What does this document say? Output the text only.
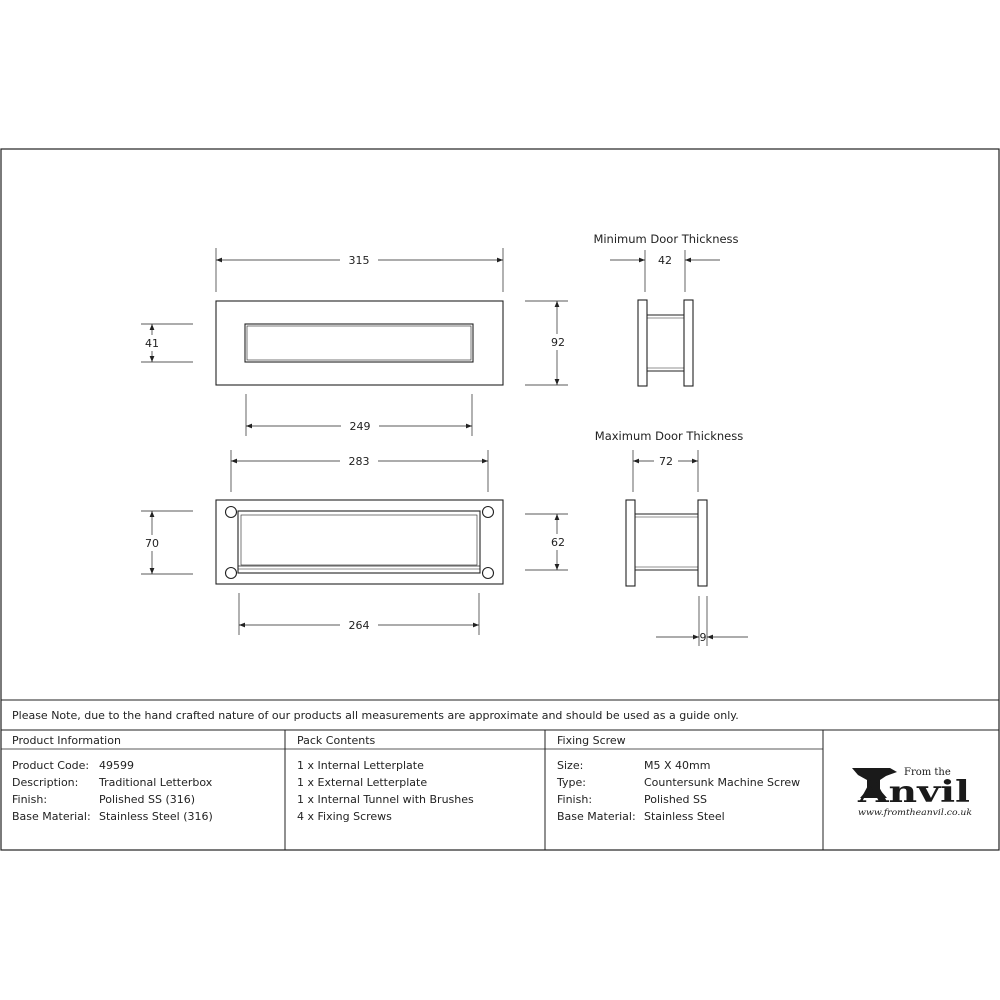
315
92
41
249
283
70	62
264
Minimum Door Thickness
42
Maximum Door Thickness
72
9
Please Note, due to the hand crafted nature of our products all measurements are approximate and should be used as a guide only.
Product Information
Product Code: 49599
Description: Traditional Letterbox
Finish:	Polished SS (316)
Base Material: Stainless Steel (316)
Pack Contents
1 x Internal Letterplate
1 x External Letterplate
1 x Internal Tunnel with Brushes
4 x Fixing Screws
Fixing Screw
Size:	M5 X 40mm
Type:	Countersunk Machine Screw
Finish:	Polished SS
Base Material: Stainless Steel
From the
Anvil
www.fromtheanvil.co.uk
